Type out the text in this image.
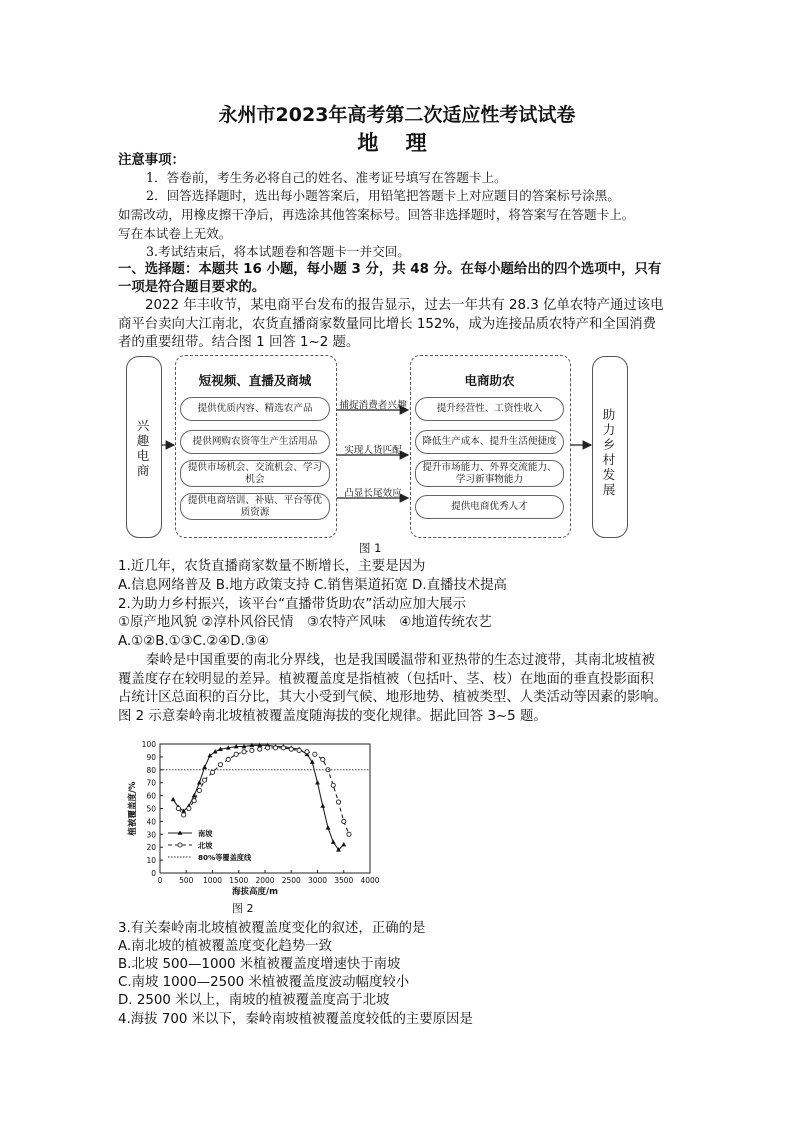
永州市2023年高考第二次适应性考试试卷
地 理
注意事项：
1．答卷前，考生务必将自己的姓名、准考证号填写在答题卡上。
2．回答选择题时，选出每小题答案后，用铅笔把答题卡上对应题目的答案标号涂黑。
如需改动，用橡皮擦干净后，再选涂其他答案标号。回答非选择题时，将答案写在答题卡上。
写在本试卷上无效。
3.考试结束后，将本试题卷和答题卡一并交回。
一、选择题：本题共 16 小题，每小题 3 分，共 48 分。在每小题给出的四个选项中，只有
一项是符合题目要求的。
2022 年丰收节，某电商平台发布的报告显示，过去一年共有 28.3 亿单农特产通过该电
商平台卖向大江南北，农货直播商家数量同比增长 152%，成为连接品质农特产和全国消费
者的重要纽带。结合图 1 回答 1~2 题。
兴趣电商
短视频、直播及商城
提供优质内容、精选农产品
提供网购农资等生产生活用品
提供市场机会、交流机会、学习机会
提供电商培训、补贴、平台等优质资源
捕捉消费者兴趣
实现人货匹配
凸显长尾效应
电商助农
提升经营性、工资性收入
降低生产成本、提升生活便捷度
提升市场能力、外界交流能力、学习新事物能力
提供电商优秀人才
助力乡村发展
图 1
1.近几年，农货直播商家数量不断增长，主要是因为
A.信息网络普及 B.地方政策支持 C.销售渠道拓宽 D.直播技术提高
2.为助力乡村振兴，该平台“直播带货助农”活动应加大展示
①原产地风貌 ②淳朴风俗民情　③农特产风味　④地道传统农艺
A.①②B.①③C.②④D.③④
秦岭是中国重要的南北分界线，也是我国暖温带和亚热带的生态过渡带，其南北坡植被
覆盖度存在较明显的差异。植被覆盖度是指植被（包括叶、茎、枝）在地面的垂直投影面积
占统计区总面积的百分比，其大小受到气候、地形地势、植被类型、人类活动等因素的影响。
图 2 示意秦岭南北坡植被覆盖度随海拔的变化规律。据此回答 3~5 题。
0
10
20
30
40
50
60
70
80
90
100
0 500 1000 1500 2000 2500 3000 3500 4000
海拔高度/m
植被覆盖度/%	南坡
北坡
80%等覆盖度线
图 2
3.有关秦岭南北坡植被覆盖度变化的叙述，正确的是
A.南北坡的植被覆盖度变化趋势一致
B.北坡 500—1000 米植被覆盖度增速快于南坡
C.南坡 1000—2500 米植被覆盖度波动幅度较小
D. 2500 米以上，南坡的植被覆盖度高于北坡
4.海拔 700 米以下，秦岭南坡植被覆盖度较低的主要原因是
